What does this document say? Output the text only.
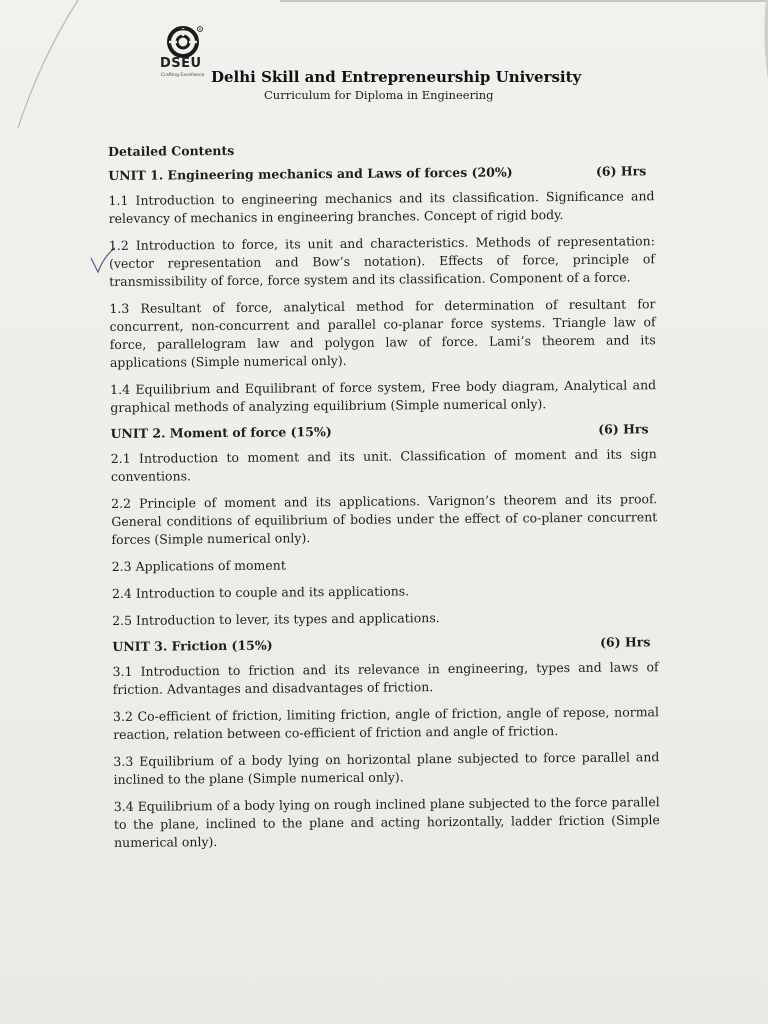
R
DSEU
Crafting Excellence Delhi Skill and Entrepreneurship University
Curriculum for Diploma in Engineering
Detailed Contents
UNIT 1. Engineering mechanics and Laws of forces (20%)	(6) Hrs

1.1 Introduction to engineering mechanics and its classification. Significance and relevancy of mechanics in engineering branches. Concept of rigid body.

1.2 Introduction to force, its unit and characteristics. Methods of representation: (vector representation and Bow’s notation). Effects of force, principle of transmissibility of force, force system and its classification. Component of a force.

1.3 Resultant of force, analytical method for determination of resultant for concurrent, non-concurrent and parallel co-planar force systems. Triangle law of force, parallelogram law and polygon law of force. Lami’s theorem and its applications (Simple numerical only).

1.4 Equilibrium and Equilibrant of force system, Free body diagram, Analytical and graphical methods of analyzing equilibrium (Simple numerical only).

UNIT 2. Moment of force (15%)	(6) Hrs

2.1 Introduction to moment and its unit. Classification of moment and its sign conventions.

2.2 Principle of moment and its applications. Varignon’s theorem and its proof. General conditions of equilibrium of bodies under the effect of co-planer concurrent forces (Simple numerical only).

2.3 Applications of moment

2.4 Introduction to couple and its applications.

2.5 Introduction to lever, its types and applications.

UNIT 3. Friction (15%)	(6) Hrs

3.1 Introduction to friction and its relevance in engineering, types and laws of friction. Advantages and disadvantages of friction.

3.2 Co-efficient of friction, limiting friction, angle of friction, angle of repose, normal reaction, relation between co-efficient of friction and angle of friction.

3.3 Equilibrium of a body lying on horizontal plane subjected to force parallel and inclined to the plane (Simple numerical only).

3.4 Equilibrium of a body lying on rough inclined plane subjected to the force parallel to the plane, inclined to the plane and acting horizontally, ladder friction (Simple numerical only).
